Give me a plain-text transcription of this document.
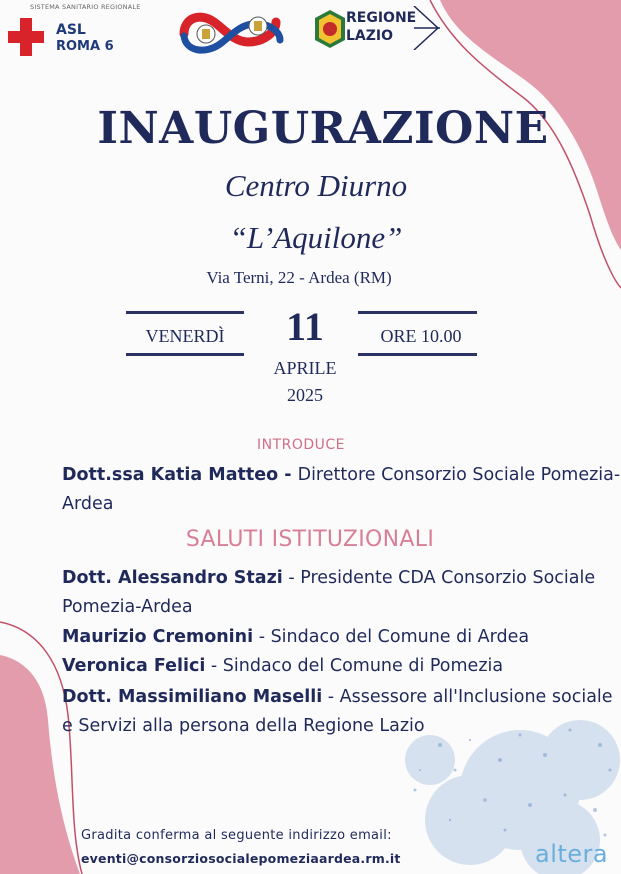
SISTEMA SANITARIO REGIONALE
ASL
ROMA 6
REGIONE
LAZIO
INAUGURAZIONE
Centro Diurno
“L’Aquilone”
Via Terni, 22 - Ardea (RM)
VENERDÌ	11
APRILE
2025
ORE 10.00
INTRODUCE
Dott.ssa Katia Matteo - Direttore Consorzio Sociale Pomezia-Ardea
SALUTI ISTITUZIONALI
Dott. Alessandro Stazi - Presidente CDA Consorzio Sociale Pomezia-Ardea
Maurizio Cremonini - Sindaco del Comune di Ardea
Veronica Felici - Sindaco del Comune di Pomezia
Dott. Massimiliano Maselli - Assessore all'Inclusione sociale e Servizi alla persona della Regione Lazio
Gradita conferma al seguente indirizzo email:
eventi@consorziosocialepomeziaardea.rm.it	altera
